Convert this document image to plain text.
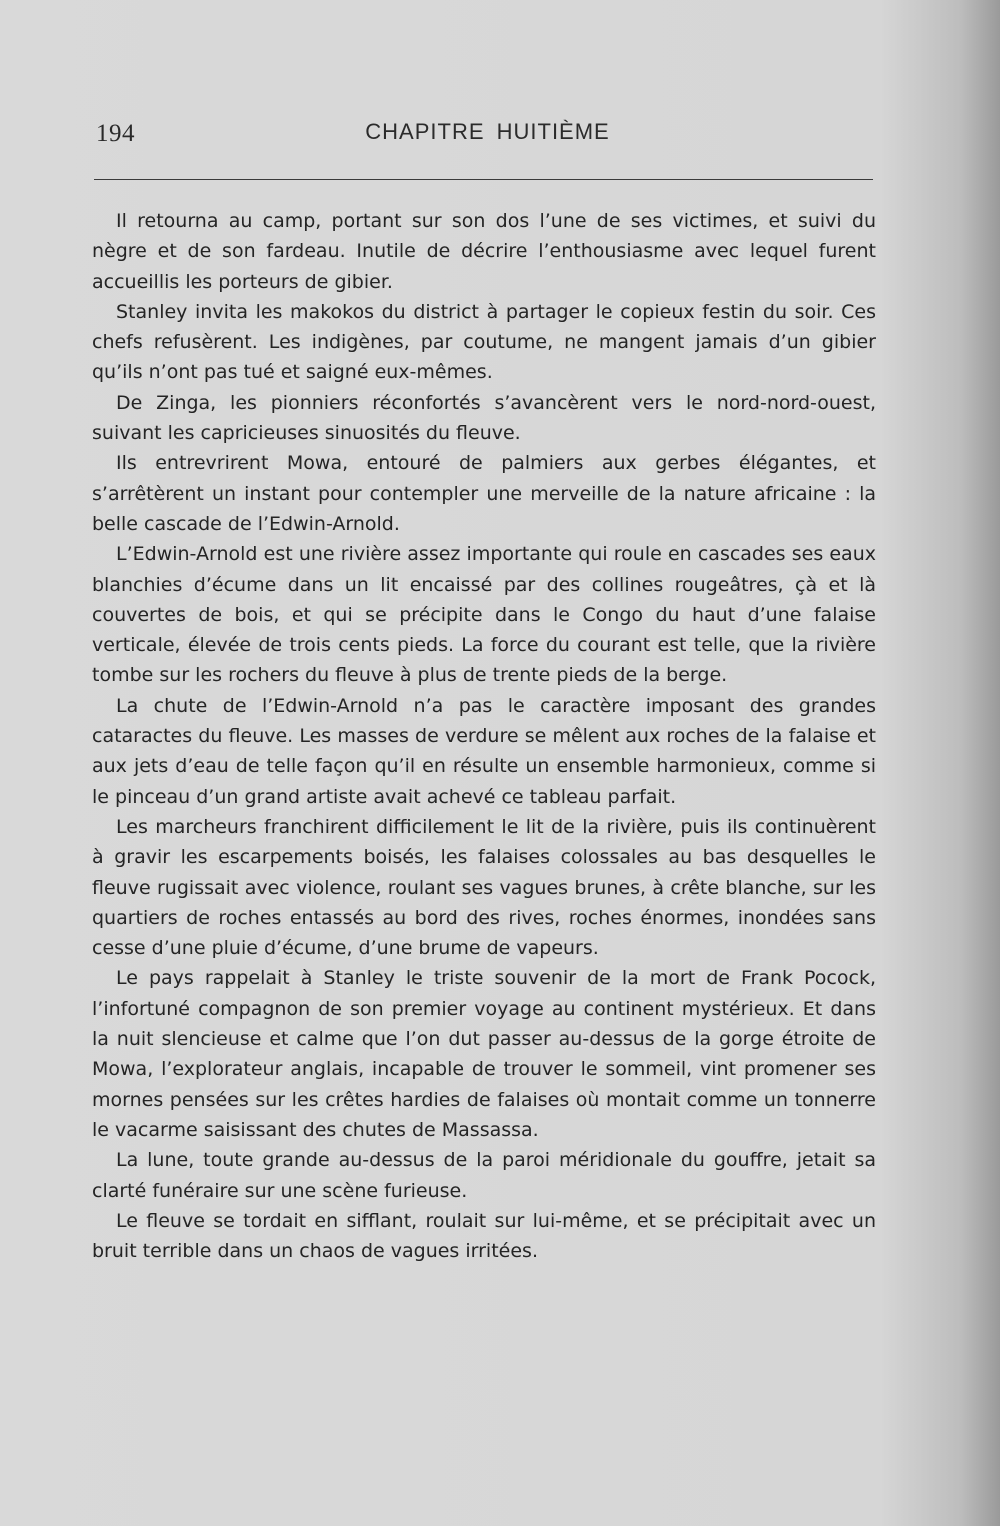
194	CHAPITRE HUITIÈME

Il retourna au camp, portant sur son dos l’une de ses victimes, et suivi du nègre et de son fardeau. Inutile de décrire l’enthousiasme avec lequel furent accueillis les porteurs de gibier.

Stanley invita les makokos du district à partager le copieux festin du soir. Ces chefs refusèrent. Les indigènes, par coutume, ne mangent jamais d’un gibier qu’ils n’ont pas tué et saigné eux-mêmes.

De Zinga, les pionniers réconfortés s’avancèrent vers le nord-nord-ouest, suivant les capricieuses sinuosités du fleuve.

Ils entrevrirent Mowa, entouré de palmiers aux gerbes élégantes, et s’arrêtèrent un instant pour contempler une merveille de la nature africaine : la belle cascade de l’Edwin-Arnold.

L’Edwin-Arnold est une rivière assez importante qui roule en cascades ses eaux blanchies d’écume dans un lit encaissé par des collines rougeâtres, çà et là couvertes de bois, et qui se précipite dans le Congo du haut d’une falaise verticale, élevée de trois cents pieds. La force du courant est telle, que la rivière tombe sur les rochers du fleuve à plus de trente pieds de la berge.

La chute de l’Edwin-Arnold n’a pas le caractère imposant des grandes cataractes du fleuve. Les masses de verdure se mêlent aux roches de la falaise et aux jets d’eau de telle façon qu’il en résulte un ensemble harmonieux, comme si le pinceau d’un grand artiste avait achevé ce tableau parfait.

Les marcheurs franchirent difficilement le lit de la rivière, puis ils continuèrent à gravir les escarpements boisés, les falaises colossales au bas desquelles le fleuve rugissait avec violence, roulant ses vagues brunes, à crête blanche, sur les quartiers de roches entassés au bord des rives, roches énormes, inondées sans cesse d’une pluie d’écume, d’une brume de vapeurs.

Le pays rappelait à Stanley le triste souvenir de la mort de Frank Pocock, l’infortuné compagnon de son premier voyage au continent mystérieux. Et dans la nuit slencieuse et calme que l’on dut passer au-dessus de la gorge étroite de Mowa, l’explorateur anglais, incapable de trouver le sommeil, vint promener ses mornes pensées sur les crêtes hardies de falaises où montait comme un tonnerre le vacarme saisissant des chutes de Massassa.

La lune, toute grande au-dessus de la paroi méridionale du gouffre, jetait sa clarté funéraire sur une scène furieuse.

Le fleuve se tordait en sifflant, roulait sur lui-même, et se précipitait avec un bruit terrible dans un chaos de vagues irritées.
